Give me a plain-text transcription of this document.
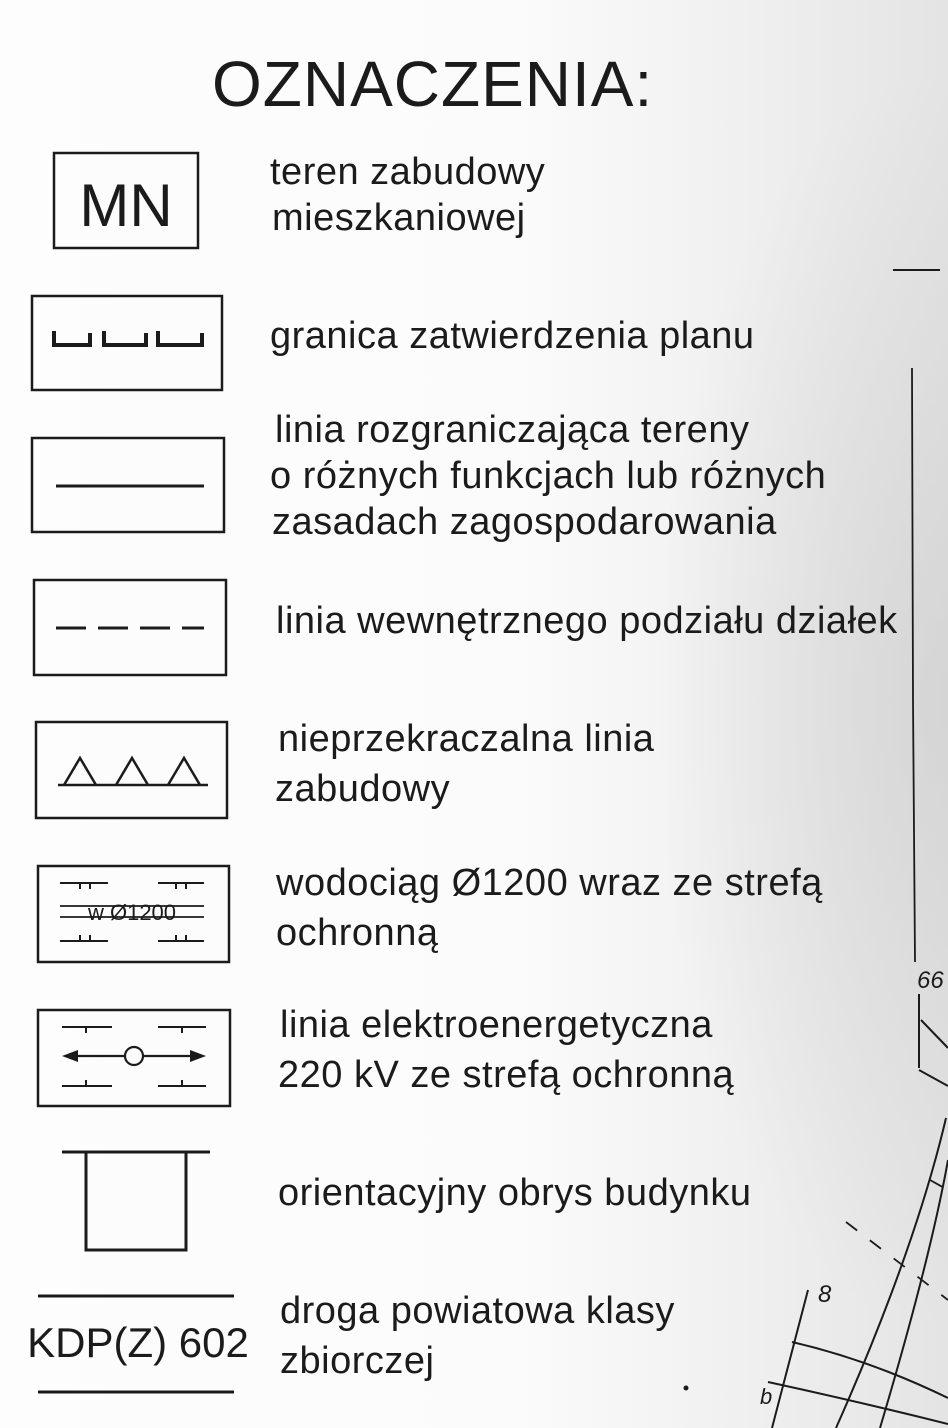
OZNACZENIA:
MN
w Ø1200
KDP(Z) 602
66
8
b
teren zabudowy
mieszkaniowej
granica zatwierdzenia planu
linia rozgraniczająca tereny
o różnych funkcjach lub różnych
zasadach zagospodarowania
linia wewnętrznego podziału działek
nieprzekraczalna linia
zabudowy
wodociąg Ø1200 wraz ze strefą
ochronną
linia elektroenergetyczna
220 kV ze strefą ochronną
orientacyjny obrys budynku
droga powiatowa klasy
zbiorczej
